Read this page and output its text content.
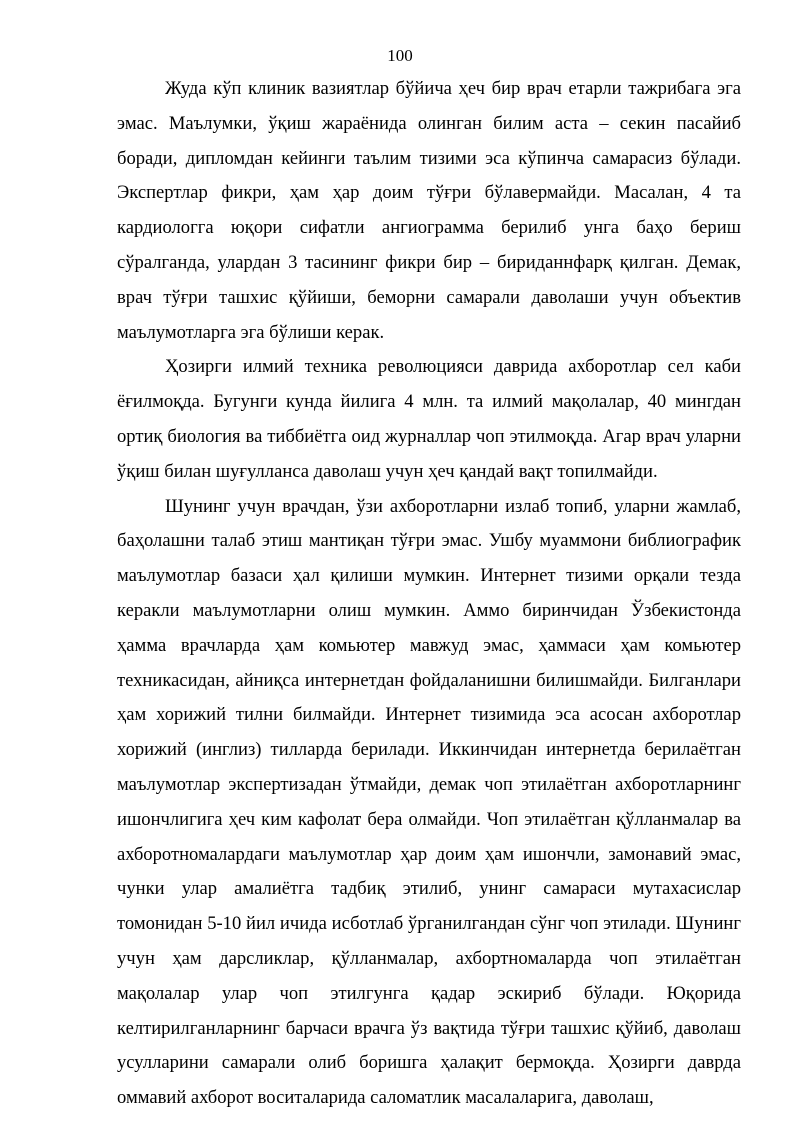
100

Жуда кўп клиник вазиятлар бўйича ҳеч бир врач етарли тажрибага эга эмас. Маълумки, ўқиш жараёнида олинган билим аста – секин пасайиб боради, дипломдан кейинги таълим тизими эса кўпинча самарасиз бўлади. Экспертлар фикри, ҳам ҳар доим тўғри бўлавермайди. Масалан, 4 та кардиологга юқори сифатли ангиограмма берилиб унга баҳо бериш сўралганда, улардан 3 тасининг фикри бир – бириданнфарқ қилган. Демак, врач тўғри ташхис қўйиши, беморни самарали даволаши учун объектив маълумотларга эга бўлиши керак.

Ҳозирги илмий техника революцияси даврида ахборотлар сел каби ёғилмоқда. Бугунги кунда йилига 4 млн. та илмий мақолалар, 40 мингдан ортиқ биология ва тиббиётга оид журналлар чоп этилмоқда. Агар врач уларни ўқиш билан шуғулланса даволаш учун ҳеч қандай вақт топилмайди.

Шунинг учун врачдан, ўзи ахборотларни излаб топиб, уларни жамлаб, баҳолашни талаб этиш мантиқан тўғри эмас. Ушбу муаммони библиографик маълумотлар базаси ҳал қилиши мумкин. Интернет тизими орқали тезда керакли маълумотларни олиш мумкин. Аммо биринчидан Ўзбекистонда ҳамма врачларда ҳам комьютер мавжуд эмас, ҳаммаси ҳам комьютер техникасидан, айниқса интернетдан фойдаланишни билишмайди. Билганлари ҳам хорижий тилни билмайди. Интернет тизимида эса асосан ахборотлар хорижий (инглиз) тилларда берилади. Иккинчидан интернетда берилаётган маълумотлар экспертизадан ўтмайди, демак чоп этилаётган ахборотларнинг ишончлигига ҳеч ким кафолат бера олмайди. Чоп этилаётган қўлланмалар ва ахборотномалардаги маълумотлар ҳар доим ҳам ишончли, замонавий эмас, чунки улар амалиётга тадбиқ этилиб, унинг самараси мутахасислар томонидан 5-10 йил ичида исботлаб ўрганилгандан сўнг чоп этилади. Шунинг учун ҳам дарсликлар, қўлланмалар, ахбортномаларда чоп этилаётган мақолалар улар чоп этилгунга қадар эскириб бўлади. Юқорида келтирилганларнинг барчаси врачга ўз вақтида тўғри ташхис қўйиб, даволаш усулларини самарали олиб боришга ҳалақит бермоқда. Ҳозирги даврда оммавий ахборот воситаларида саломатлик масалаларига, даволаш,
